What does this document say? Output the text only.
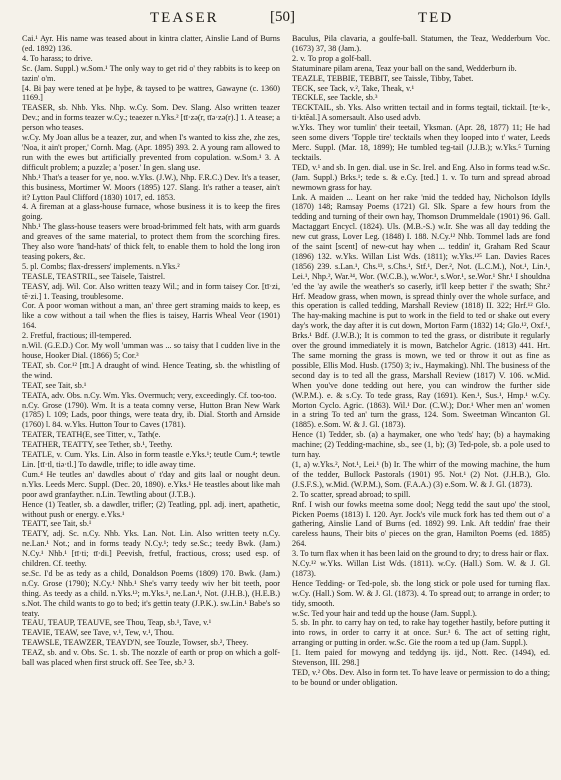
TEASER	[50]	TED

Cai.¹ Ayr. His name was teased about in kintra clatter, Ainslie Land of Burns (ed. 1892) 136.

4. To harass; to drive.

Sc. (Jam. Suppl.) w.Som.¹ The only way to get rid o' they rabbits is to keep on tazin' o'm.

[4. Bi þay were tened at þe hyþe, & taysed to þe wattreз, Gawayne (c. 1360) 1169.]

TEASER, sb. Nhb. Yks. Nhp. w.Cy. Som. Dev. Slang. Also written teazer Dev.; and in forms teazer w.Cy.; teaezer n.Yks.² [tī·zə(r, tīə·zə(r).] 1. A tease; a person who teases.

w.Cy. My Joan allus be a teazer, zur, and when I's wanted to kiss zhe, zhe zes, 'Noa, it ain't proper,' Cornh. Mag. (Apr. 1895) 393. 2. A young ram allowed to run with the ewes but artificially prevented from copulation. w.Som.¹ 3. A difficult problem; a puzzle; a 'poser.' In gen. slang use.

Nhb.¹ That's a teaser for ye, noo. w.Yks. (J.W.), Nhp. F.R.C.) Dev. It's a teaser, this business, Mortimer W. Moors (1895) 127. Slang. It's rather a teaser, ain't it? Lytton Paul Clifford (1830) 1017, ed. 1853.

4. A fireman at a glass-house furnace, whose business it is to keep the fires going.

Nhb.¹ The glass-house teasers were broad-brimmed felt hats, with arm guards and greaves of the same material, to protect them from the scorching fires. They also wore 'hand-hats' of thick felt, to enable them to hold the long iron teasing pokers, &c.

5. pl. Combs; flax-dressers' implements. n.Yks.²

TEASLE, TEASTRIL, see Taisele, Taistrel.

TEASY, adj. Wil. Cor. Also written teazy Wil.; and in form taisey Cor. [tī·zi, tē·zi.] 1. Teasing, troublesome.

Cor. A poor woman without a man, an' three gert straming maids to keep, es like a cow without a tail when the flies is taisey, Harris Wheal Veor (1901) 164.

2. Fretful, fractious; ill-tempered.

n.Wil. (G.E.D.) Cor. My woll 'umman was ... so taisy that I cudden live in the house, Hooker Dial. (1866) 5; Cor.³

TEAT, sb. Cor.¹² [tīt.] A draught of wind. Hence Teating, sb. the whistling of the wind.

TEAT, see Tait, sb.¹

TEATA, adv. Obs. n.Cy. Wm. Yks. Overmuch; very, exceedingly. Cf. too-too.

n.Cy. Grose (1790). Wm. It is a teata comny verse, Hutton Bran New Wark (1785) l. 109; Lads, poor things, were teata dry, ib. Dial. Storth and Arnside (1760) l. 84. w.Yks. Hutton Tour to Caves (1781).

TEATER, TEATH(E, see Titter, v., Tath(e.

TEATHER, TEATTY, see Tether, sb.¹, Teethy.

TEATLE, v. Cum. Yks. Lin. Also in form teastle e.Yks.¹; teutle Cum.⁴; tewtle Lin. [tī·tl, tiə·tl.] To dawdle, trifle; to idle away time.

Cum.⁴ He teutles an' dawdles about o' t'day and gits laal or nought deun. n.Yks. Leeds Merc. Suppl. (Dec. 20, 1890). e.Yks.¹ He teastles about like mah poor awd granfayther. n.Lin. Tewtling about (J.T.B.).

Hence (1) Teatler, sb. a dawdler, trifler; (2) Teatling, ppl. adj. inert, apathetic, without push or energy. e.Yks.¹

TEATT, see Tait, sb.¹

TEATY, adj. Sc. n.Cy. Nhb. Yks. Lan. Not. Lin. Also written teety n.Cy. ne.Lan.¹ Not.; and in forms teady N.Cy.¹; tedy se.Sc.; teedy Bwk. (Jam.) N.Cy.¹ Nhb.¹ [tī·ti; tī·di.] Peevish, fretful, fractious, cross; used esp. of children. Cf. teethy.

se.Sc. I'd be as tedy as a child, Donaldson Poems (1809) 170. Bwk. (Jam.) n.Cy. Grose (1790); N.Cy.¹ Nhb.¹ She's varry teedy wiv her bit teeth, poor thing. As teedy as a child. n.Yks.¹²; m.Yks.¹, ne.Lan.¹, Not. (J.H.B.), (H.E.B.) s.Not. The child wants to go to bed; it's gettin teaty (J.P.K.). sw.Lin.¹ Babe's so teaty.

TEAU, TEAUP, TEAUVE, see Thou, Teap, sb.¹, Tave, v.¹

TEAVIE, TEAW, see Tave, v.¹, Tew, v.¹, Thou.

TEAWSLE, TEAWZER, TEAYD'N, see Touzle, Towser, sb.², Theey.

TEAZ, sb. and v. Obs. Sc. 1. sb. The nozzle of earth or prop on which a golf-ball was placed when first struck off. See Tee, sb.² 3.

Baculus, Pila clavaria, a goulfe-ball. Statumen, the Teaz, Wedderburn Voc. (1673) 37, 38 (Jam.).

2. v. To prop a golf-ball.

Statuminare pilam arena, Teaz your ball on the sand, Wedderburn ib.

TEAZLE, TEBBIE, TEBBIT, see Taissle, Tibby, Tabet.

TECK, see Tack, v.², Take, Theak, v.¹

TECKLE, see Tackle, sb.³

TECKTAIL, sb. Yks. Also written tectail and in forms tegtail, ticktail. [te·k-, ti·ktēal.] A somersault. Also used advb.

w.Yks. They wor tumlin' their teetail, Yksman. (Apr. 28, 1877) 11; He had seen some divers 'Topple tire' tecktails when they looped into t' water, Leeds Merc. Suppl. (Mar. 18, 1899); He tumbled teg-tail (J.J.B.); w.Yks.⁵ Turning tecktails.

TED, v.¹ and sb. In gen. dial. use in Sc. Irel. and Eng. Also in forms tead w.Sc. (Jam. Suppl.) Brks.¹; tede s. & e.Cy. [ted.] 1. v. To turn and spread abroad newmown grass for hay.

Lnk. A maiden ... Leant on her rake 'mid the tedded hay, Nicholson Idylls (1870) 148; Ramsay Poems (1721) Gl. Slk. Spare a few hours from the tedding and turning of their own hay, Thomson Drummeldale (1901) 96. Gall. Mactaggart Encycl. (1824). Uls. (M.B.-S.) w.Ir. She was all day tedding the new cut grass, Lover Leg. (1848) I. 188. N.Cy.¹² Nhb. Tommel lads are fond of the saint [scent] of new-cut hay when ... teddin' it, Graham Red Scaur (1896) 132. w.Yks. Willan List Wds. (1811); w.Yks.¹²⁵ Lan. Davies Races (1856) 239. s.Lan.¹, Chs.¹³, s.Chs.¹, Stf.¹, Der.², Not. (L.C.M.), Not.¹, Lin.¹, Lei.¹, Nhp.², War.³⁴, Wor. (W.C.B.), w.Wor.¹, s.Wor.¹, se.Wor.¹ Shr.¹ I shouldna 'ed the 'ay awile the weather's so caserly, it'll keep better i' the swath; Shr.² Hrf. Meadow grass, when mown, is spread thinly over the whole surface, and this operation is called tedding, Marshall Review (1818) II. 322; Hrf.¹² Glo. The hay-making machine is put to work in the field to ted or shake out every day's work, the day after it is cut down, Morton Farm (1832) 14; Glo.¹², Oxf.¹, Brks.¹ Bdf. (J.W.B.); It is common to ted the grass, or distribute it regularly over the ground immediately it is mown, Batchelor Agric. (1813) 441. Hrt. The same morning the grass is mown, we ted or throw it out as fine as possible, Ellis Mod. Husb. (1750) 3; iv., Haymaking). Nhl. The business of the second day is to ted all the grass, Marshall Review (1817) V. 106. w.Mid. When you've done tedding out here, you can windrow the further side (W.P.M.). e. & s.Cy. To tede grass, Ray (1691). Ken.¹, Sus.¹, Hmp.¹ w.Cy. Morton Cyclo. Agric. (1863). Wil.¹ Dor. (C.W.); Dor.¹ Wher men an' women in a string To ted an' turn the grass, 124. Som. Sweetman Wincanton Gl. (1885). e.Som. W. & J. Gl. (1873).

Hence (1) Tedder, sb. (a) a haymaker, one who 'teds' hay; (b) a haymaking machine; (2) Tedding-machine, sb., see (1, b); (3) Ted-pole, sb. a pole used to turn hay.

(1, a) w.Yks.², Not.¹, Lei.¹ (b) Ir. The whirr of the mowing machine, the hum of the tedder, Bullock Pastorals (1901) 95. Not.¹ (2) Not. (J.H.B.), Glo. (J.S.F.S.), w.Mid. (W.P.M.), Som. (F.A.A.) (3) e.Som. W. & J. Gl. (1873).

2. To scatter, spread abroad; to spill.

Rnf. I wish our fowks meetna some dool; Negg tedd the saut upo' the stool, Picken Poems (1813) I. 120. Ayr. Jock's vile muck fork has ted them out o' a gathering, Ainslie Land of Burns (ed. 1892) 99. Lnk. Aft teddin' frae their careless hauns, Their bits o' pieces on the gran, Hamilton Poems (ed. 1885) 264.

3. To turn flax when it has been laid on the ground to dry; to dress hair or flax.

N.Cy.¹² w.Yks. Willan List Wds. (1811). w.Cy. (Hall.) Som. W. & J. Gl. (1873).

Hence Tedding- or Ted-pole, sb. the long stick or pole used for turning flax. w.Cy. (Hall.) Som. W. & J. Gl. (1873). 4. To spread out; to arrange in order; to tidy, smooth.

w.Sc. Ted your hair and tedd up the house (Jam. Suppl.).

5. sb. In phr. to carry hay on ted, to rake hay together hastily, before putting it into rows, in order to carry it at once. Sur.¹ 6. The act of setting right, arranging or putting in order. w.Sc. Gie the room a ted up (Jam. Suppl.).

[1. Item paied for mowyng and teddyng ijs. ijd., Nott. Rec. (1494), ed. Stevenson, III. 298.]

TED, v.² Obs. Dev. Also in form tet. To have leave or permission to do a thing; to be bound or under obligation.
